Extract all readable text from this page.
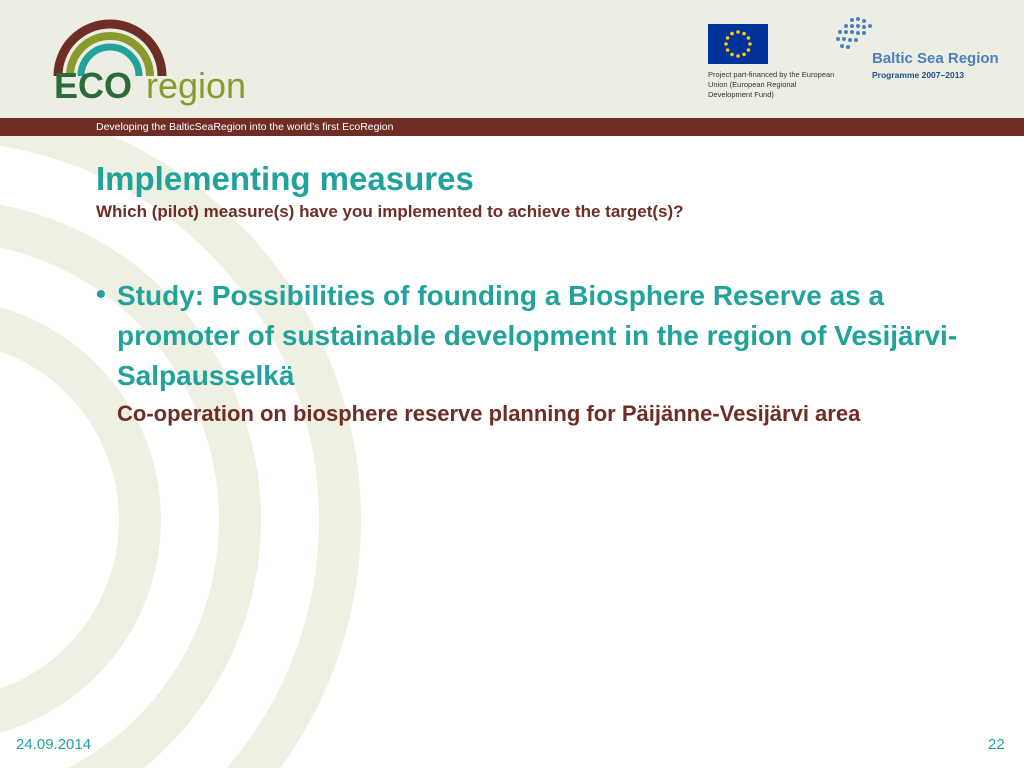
ECO region	Project part-financed by the European Union (European Regional Development Fund)
Baltic Sea Region
Programme 2007–2013
Developing the BalticSeaRegion into the world’s first EcoRegion
Implementing measures
Which (pilot) measure(s) have you implemented to achieve the target(s)?
• Study: Possibilities of founding a Biosphere Reserve as a promoter of sustainable development in the region of Vesijärvi-Salpausselkä
Co-operation on biosphere reserve planning for Päijänne-Vesijärvi area
24.09.2014	22
